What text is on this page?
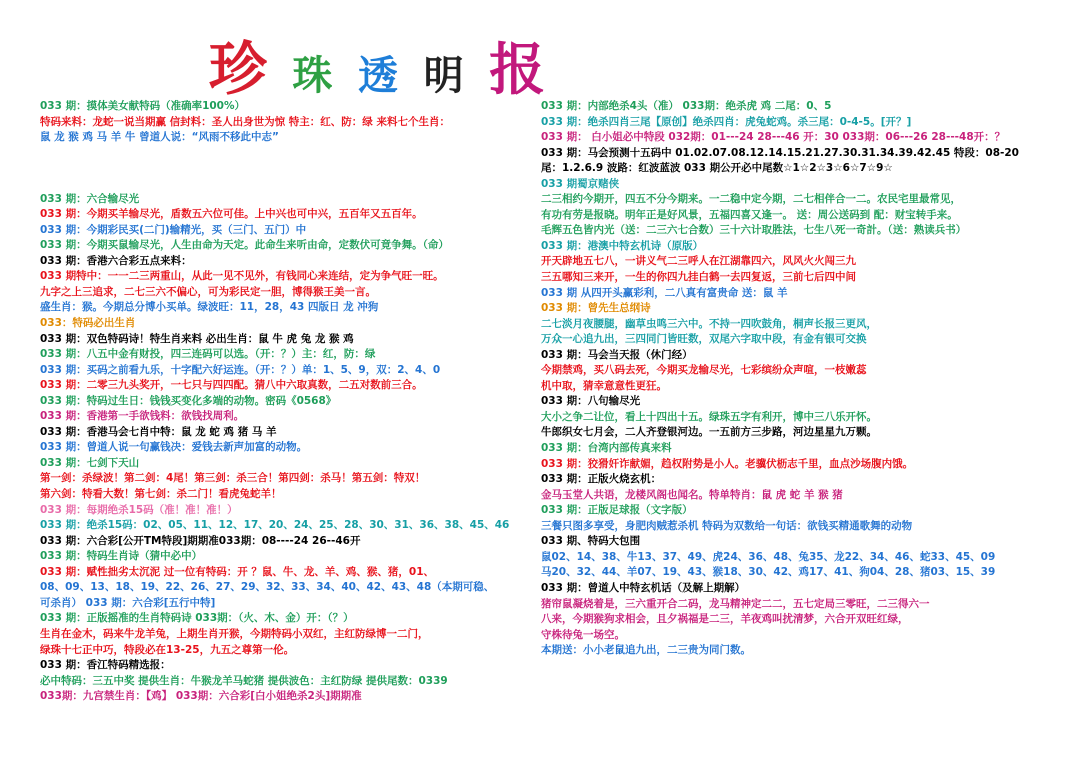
珍 珠 透 明 报
033 期：摸体美女献特码（准确率100%）
特码来料：龙蛇一说当期赢 信封料：圣人出身世为惊 特主：红、防：绿 来料七个生肖：
鼠 龙 猴 鸡 马 羊 牛 曾道人说：“风雨不移此中志”
033 期：六合输尽光
033 期：今期买羊输尽光，盾数五六位可佳。上中兴也可中兴，五百年又五百年。
033 期：今期彩民买(二门)输精光，买（三门、五门）中
033 期：今期买鼠输尽光，人生由命为天定。此命生来听由命，定数伏可竟争舞。（命）
033 期：香港六合彩五点来料：
033 期特中：一一二三两重山，从此一见不见外，有钱同心来连结，定为争气旺一旺。
九字之上三追求，二七三六不偏心，可为彩民定一胆，博得猴王美一言。
盛生肖：猴。今期总分博小买单。绿波旺：11，28，43 四版日 龙 冲狗
033：特码必出生肖
033 期：双色特码诗！特生肖来料 必出生肖：鼠 牛 虎 兔 龙 猴 鸡
033 期：八五中金有财投，四三连码可以选。（开：？）主：红，防：绿
033 期：买码之前看九乐，十字配六好运连。（开：？）单：1、5、9，双：2、4、0
033 期：二零三九头奖开，一七只与四四配。猜八中六取真数，二五对数前三合。
033 期：特码过生日：钱钱买变化多端的动物。密码《0568》
033 期：香港第一手欲钱料：欲钱找周利。
033 期：香港马会七肖中特：鼠 龙 蛇 鸡 猪 马 羊
033 期：曾道人说一句赢钱决：爱钱去新声加富的动物。
033 期：七剑下天山
第一剑：杀绿波！第二剑：4尾！第三剑：杀三合！第四剑：杀马！第五剑：特双！
第六剑：特看大数！第七剑：杀二门！看虎兔蛇羊！
033 期：每期绝杀15码（准！准！准！）
033 期：绝杀15码：02、05、11、12、17、20、24、25、28、30、31、36、38、45、46
033 期：六合彩[公开TM特段]期期准033期：08----24 26--46开
033 期：特码生肖诗（猜中必中）
033 期：赋性拙劣太沉泥 过一位有特码：开 ？鼠、牛、龙、羊、鸡、猴、猪，01、
08、09、13、18、19、22、26、27、29、32、33、34、40、42、43、48（本期可稳、
可杀肖） 033 期：六合彩[五行中特]
033 期：正版摇准的生肖特码诗 033期：（火、木、金）开：（？）
生肖在金木，码来牛龙羊兔，上期生肖开猴，今期特码小双红，主红防绿博一二门，
绿珠十七正中巧，特段必在13-25，九五之尊第一伦。
033 期：香江特码精选报：
必中特码：三五中奖 提供生肖：牛猴龙羊马蛇猪 提供波色：主红防绿 提供尾数：0339
033期：九宫禁生肖：【鸡】 033期：六合彩[白小姐绝杀2头]期期准
033 期：内部绝杀4头（准） 033期：绝杀虎 鸡 二尾：0、5
033 期：绝杀四肖三尾【原创】绝杀四肖：虎兔蛇鸡。杀三尾：0-4-5。[开？]
033 期： 白小姐必中特段 032期：01---24 28---46 开：30 033期：06---26 28---48开：？
033 期：马会预测十五码中 01.02.07.08.12.14.15.21.27.30.31.34.39.42.45 特段：08-20
尾：1.2.6.9 波路：红波蓝波 033 期公开必中尾数☆1☆2☆3☆6☆7☆9☆
033 期蜀京赌侠
二三相约今期开，四五不分今期来。一二稳中定今期，二七相伴合一二。农民宅里最常见，
有功有劳是报晓。明年正是好风景，五福四喜又逢一。 送：周公送码到 配：财宝转手来。
毛辉五色皆内光（送：二三六七合数）三十六计取胜法，七生八死一奇計。（送：熟读兵书）
033 期：港澳中特玄机诗（原版）
开天辟地五七八，一讲义气二三呼人在江湖靠四六，风风火火闯三九
三五哪知三来开，一生的你四九挂白鹤一去四复返，三前七后四中间
033 期 从四开头赢彩利，二八真有富贵命 送：鼠 羊
033 期：曾先生总纲诗
二七淡月夜腰腿，幽草虫鸣三六中。不持一四吹鼓角，桐声长报三更风，
万众一心追九出，三四同门皆旺数，双尾六字取中段，有金有银可交换
033 期：马会当天报（休门经）
今期禁鸡，买八码去死，今期买龙输尽光，七彩缤纷众声喧，一枝嫩蕊
机中取，猜幸意意性更狂。
033 期：八句输尽光
大小之争二让位，看上十四出十五。绿珠五字有利开，博中三八乐开怀。
牛郎织女七月会，二人齐登银河边。一五前方三步路，河边星星九万颗。
033 期：台湾内部传真来料
033 期：狡猾奸诈献媚，趋权附势是小人。老骥伏枥志千里，血点沙场腹内饿。
033 期：正版火烧玄机：
金马玉堂人共语，龙楼风阁也闻名。特单特肖：鼠 虎 蛇 羊 猴 猪
033 期：正版足球报（文字版）
三餐只图多享受，身肥肉贼惹杀机 特码为双数给一句话：欲钱买精通歌舞的动物
033 期、特码大包围
鼠02、14、38、牛13、37、49、虎24、36、48、兔35、龙22、34、46、蛇33、45、09
马20、32、44、羊07、19、43、猴18、30、42、鸡17、41、狗04、28、猪03、15、39
033 期：曾道人中特玄机话（及解上期解）
猪帘鼠凝烧着是，三六重开合二码，龙马精神定二二，五七定局三零旺，二三得六一
八来，今期猴狗求相会，且夕祸福是二三，羊夜鸡叫扰清梦，六合开双旺红绿，
守株待兔一场空。
本期送：小小老鼠追九出，二三贵为同门数。
